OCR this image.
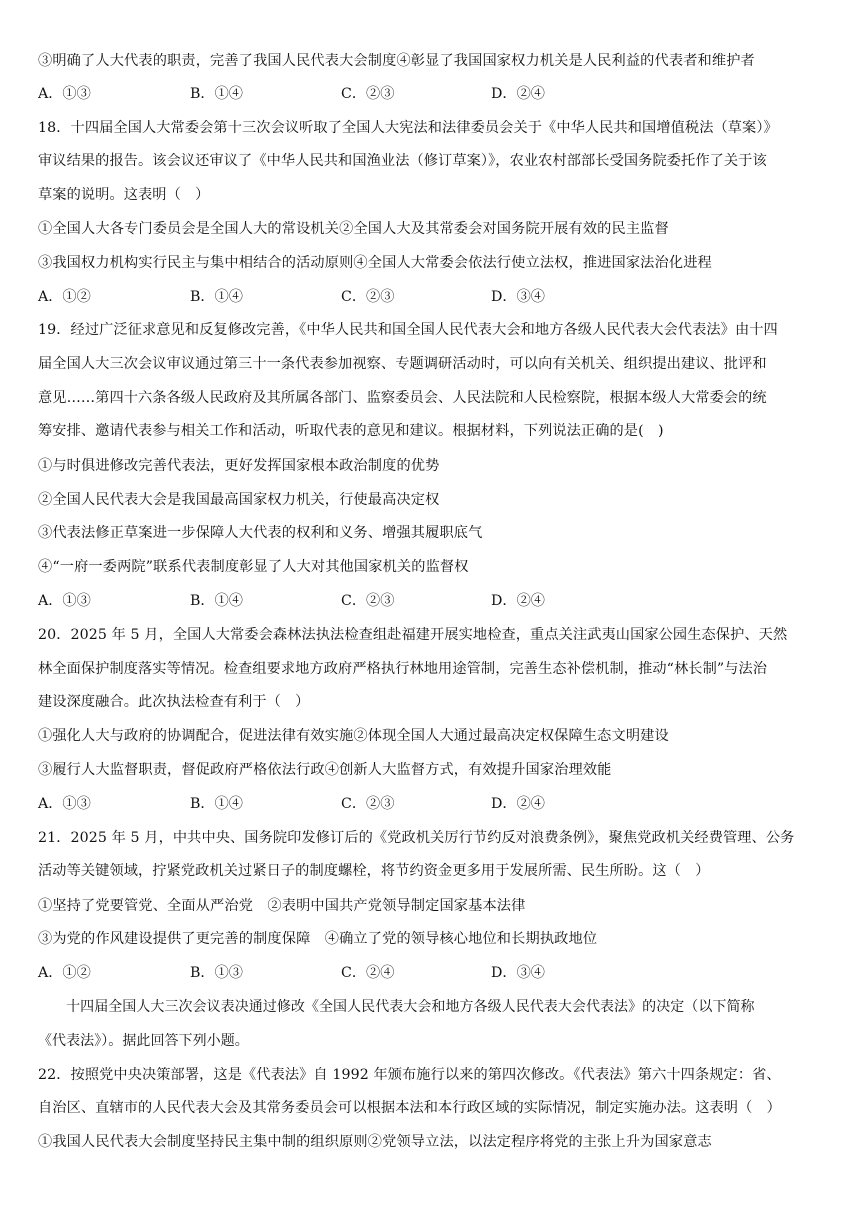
③明确了人大代表的职责，完善了我国人民代表大会制度④彰显了我国国家权力机关是人民利益的代表者和维护者
A．①③	B．①④	C．②③	D．②④
18．十四届全国人大常委会第十三次会议听取了全国人大宪法和法律委员会关于《中华人民共和国增值税法（草案）》
审议结果的报告。该会议还审议了《中华人民共和国渔业法（修订草案）》，农业农村部部长受国务院委托作了关于该
草案的说明。这表明（　）
①全国人大各专门委员会是全国人大的常设机关②全国人大及其常委会对国务院开展有效的民主监督
③我国权力机构实行民主与集中相结合的活动原则④全国人大常委会依法行使立法权，推进国家法治化进程
A．①②	B．①④	C．②③	D．③④
19．经过广泛征求意见和反复修改完善，《中华人民共和国全国人民代表大会和地方各级人民代表大会代表法》由十四
届全国人大三次会议审议通过第三十一条代表参加视察、专题调研活动时，可以向有关机关、组织提出建议、批评和
意见……第四十六条各级人民政府及其所属各部门、监察委员会、人民法院和人民检察院，根据本级人大常委会的统
筹安排、邀请代表参与相关工作和活动，听取代表的意见和建议。根据材料，下列说法正确的是(　)
①与时俱进修改完善代表法，更好发挥国家根本政治制度的优势
②全国人民代表大会是我国最高国家权力机关，行使最高决定权
③代表法修正草案进一步保障人大代表的权利和义务、增强其履职底气
④“一府一委两院”联系代表制度彰显了人大对其他国家机关的监督权
A．①③	B．①④	C．②③	D．②④
20．2025 年 5 月，全国人大常委会森林法执法检查组赴福建开展实地检查，重点关注武夷山国家公园生态保护、天然
林全面保护制度落实等情况。检查组要求地方政府严格执行林地用途管制，完善生态补偿机制，推动“林长制”与法治
建设深度融合。此次执法检查有利于（　）
①强化人大与政府的协调配合，促进法律有效实施②体现全国人大通过最高决定权保障生态文明建设
③履行人大监督职责，督促政府严格依法行政④创新人大监督方式，有效提升国家治理效能
A．①③	B．①④	C．②③	D．②④
21．2025 年 5 月，中共中央、国务院印发修订后的《党政机关厉行节约反对浪费条例》，聚焦党政机关经费管理、公务
活动等关键领域，拧紧党政机关过紧日子的制度螺栓，将节约资金更多用于发展所需、民生所盼。这（　）
①坚持了党要管党、全面从严治党　②表明中国共产党领导制定国家基本法律
③为党的作风建设提供了更完善的制度保障　④确立了党的领导核心地位和长期执政地位
A．①②	B．①③	C．②④	D．③④
　　十四届全国人大三次会议表决通过修改《全国人民代表大会和地方各级人民代表大会代表法》的决定（以下简称
《代表法》）。据此回答下列小题。
22．按照党中央决策部署，这是《代表法》自 1992 年颁布施行以来的第四次修改。《代表法》第六十四条规定：省、
自治区、直辖市的人民代表大会及其常务委员会可以根据本法和本行政区域的实际情况，制定实施办法。这表明（　）
①我国人民代表大会制度坚持民主集中制的组织原则②党领导立法，以法定程序将党的主张上升为国家意志
